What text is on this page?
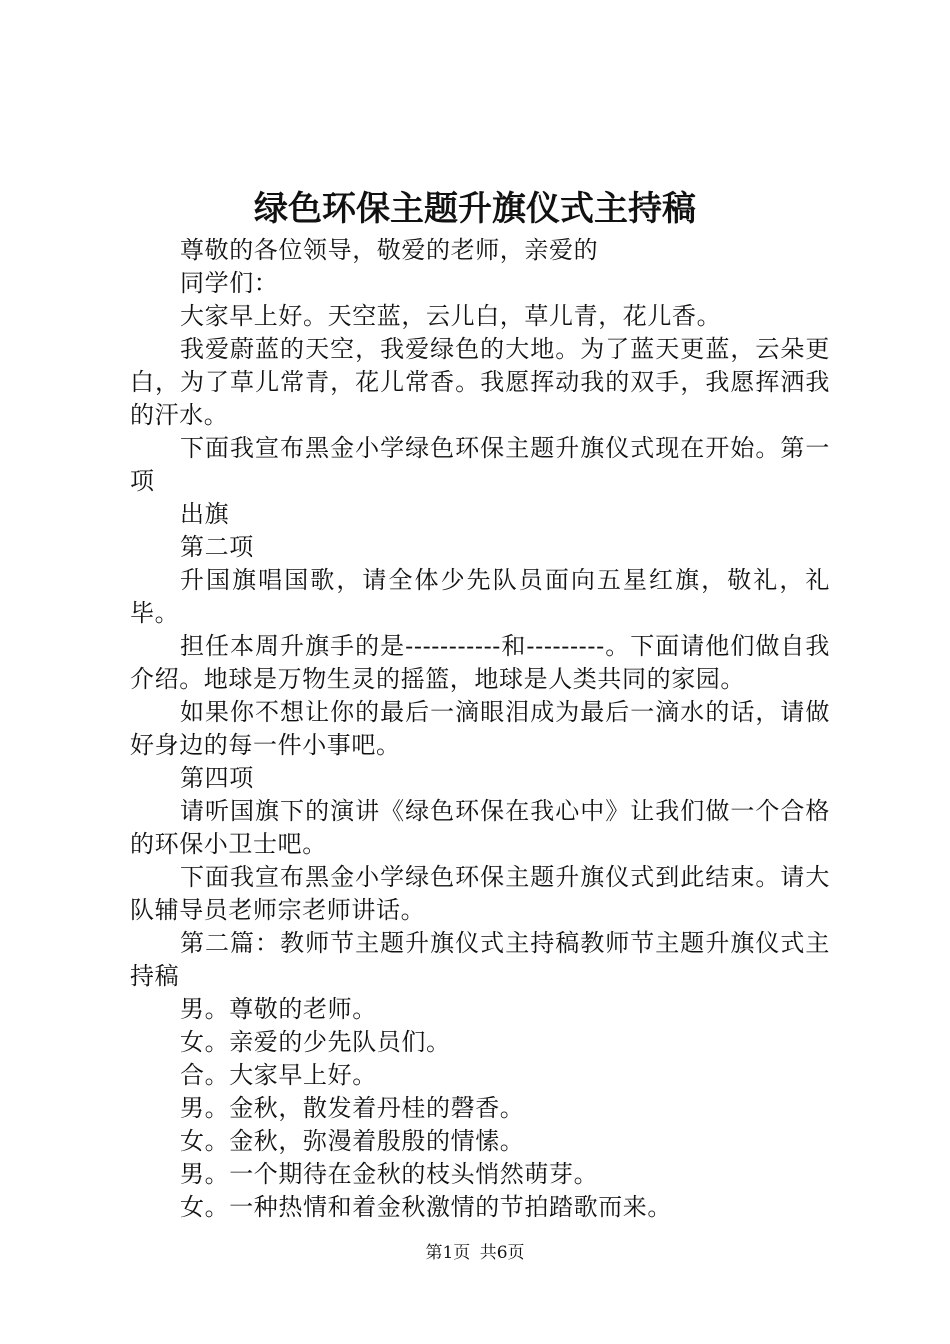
绿色环保主题升旗仪式主持稿

尊敬的各位领导，敬爱的老师，亲爱的

同学们：

大家早上好。天空蓝，云儿白，草儿青，花儿香。

我爱蔚蓝的天空，我爱绿色的大地。为了蓝天更蓝，云朵更白，为了草儿常青，花儿常香。我愿挥动我的双手，我愿挥洒我的汗水。

下面我宣布黑金小学绿色环保主题升旗仪式现在开始。第一项

出旗

第二项

升国旗唱国歌，请全体少先队员面向五星红旗，敬礼，礼毕。

担任本周升旗手的是-----------和---------。下面请他们做自我介绍。地球是万物生灵的摇篮，地球是人类共同的家园。

如果你不想让你的最后一滴眼泪成为最后一滴水的话，请做好身边的每一件小事吧。

第四项

请听国旗下的演讲《绿色环保在我心中》让我们做一个合格的环保小卫士吧。

下面我宣布黑金小学绿色环保主题升旗仪式到此结束。请大队辅导员老师宗老师讲话。

第二篇：教师节主题升旗仪式主持稿教师节主题升旗仪式主持稿

男。尊敬的老师。

女。亲爱的少先队员们。

合。大家早上好。

男。金秋，散发着丹桂的磬香。

女。金秋，弥漫着殷殷的情愫。

男。一个期待在金秋的枝头悄然萌芽。

女。一种热情和着金秋激情的节拍踏歌而来。

第1页 共6页
